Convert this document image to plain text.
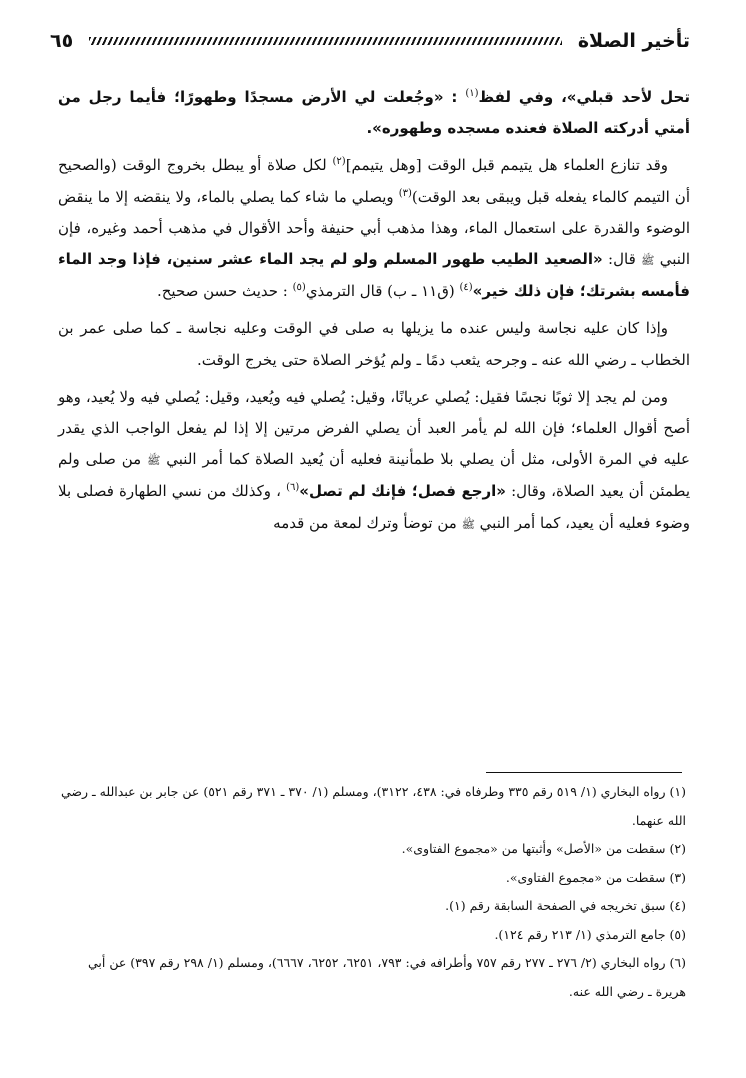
تأخير الصلاة
٦٥

تحل لأحد قبلي»، وفي لفظ$^{(١)}$ : «وجُعلت لي الأرض مسجدًا وطهورًا؛ فأيما رجل من أمتي أدركته الصلاة فعنده مسجده وطهوره».

وقد تنازع العلماء هل يتيمم قبل الوقت [وهل يتيمم]$^{(٢)}$ لكل صلاة أو يبطل بخروج الوقت (والصحيح أن التيمم كالماء يفعله قبل ويبقى بعد الوقت)$^{(٣)}$ ويصلي ما شاء كما يصلي بالماء، ولا ينقضه إلا ما ينقض الوضوء والقدرة على استعمال الماء، وهذا مذهب أبي حنيفة وأحد الأقوال في مذهب أحمد وغيره، فإن النبي ﷺ قال: «الصعيد الطيب طهور المسلم ولو لم يجد الماء عشر سنين، فإذا وجد الماء فأمسه بشرتك؛ فإن ذلك خير»$^{(٤)}$ (ق١١ ـ ب) قال الترمذي$^{(٥)}$ : حديث حسن صحيح.

وإذا كان عليه نجاسة وليس عنده ما يزيلها به صلى في الوقت وعليه نجاسة ـ كما صلى عمر بن الخطاب ـ رضي الله عنه ـ وجرحه يثعب دمًا ـ ولم يُؤخر الصلاة حتى يخرج الوقت.

ومن لم يجد إلا ثوبًا نجسًا فقيل: يُصلي عريانًا، وقيل: يُصلي فيه ويُعيد، وقيل: يُصلي فيه ولا يُعيد، وهو أصح أقوال العلماء؛ فإن الله لم يأمر العبد أن يصلي الفرض مرتين إلا إذا لم يفعل الواجب الذي يقدر عليه في المرة الأولى، مثل أن يصلي بلا طمأنينة فعليه أن يُعيد الصلاة كما أمر النبي ﷺ من صلى ولم يطمئن أن يعيد الصلاة، وقال: «ارجع فصل؛ فإنك لم تصل»$^{(٦)}$ ، وكذلك من نسي الطهارة فصلى بلا وضوء فعليه أن يعيد، كما أمر النبي ﷺ من توضأ وترك لمعة من قدمه

(١)رواه البخاري (١/ ٥١٩ رقم ٣٣٥ وطرفاه في: ٤٣٨، ٣١٢٢)، ومسلم (١/ ٣٧٠ ـ ٣٧١ رقم ٥٢١) عن جابر بن عبدالله ـ رضي الله عنهما.

(٢)سقطت من «الأصل» وأثبتها من «مجموع الفتاوى».

(٣)سقطت من «مجموع الفتاوى».

(٤)سبق تخريجه في الصفحة السابقة رقم (١).

(٥)جامع الترمذي (١/ ٢١٣ رقم ١٢٤).

(٦)رواه البخاري (٢/ ٢٧٦ ـ ٢٧٧ رقم ٧٥٧ وأطرافه في: ٧٩٣، ٦٢٥١، ٦٢٥٢، ٦٦٦٧)، ومسلم (١/ ٢٩٨ رقم ٣٩٧) عن أبي هريرة ـ رضي الله عنه.
